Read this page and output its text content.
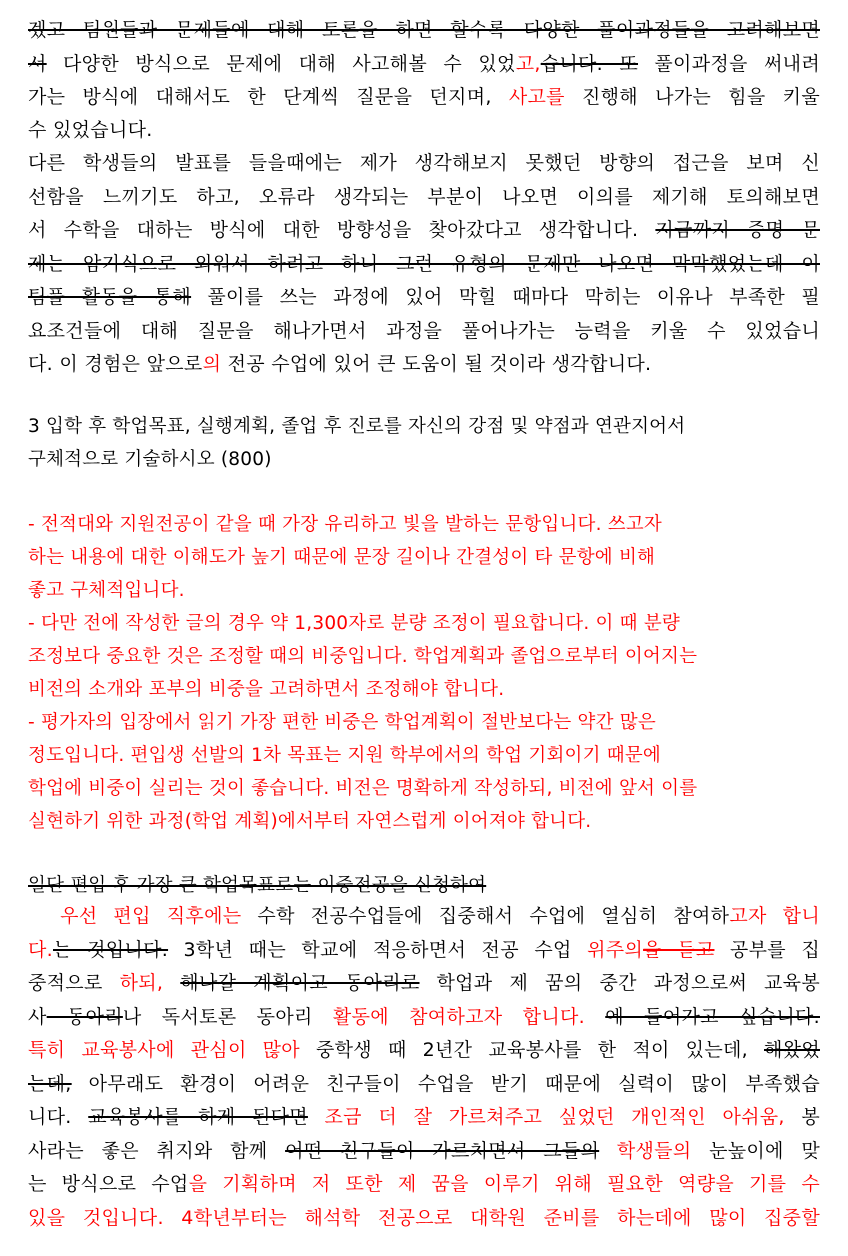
겠고 팀원들과 문제들에 대해 토론을 하면 할수록 다양한 풀이과정들을 고려해보면
서 다양한 방식으로 문제에 대해 사고해볼 수 있었고,습니다. 또 풀이과정을 써내려
가는 방식에 대해서도 한 단계씩 질문을 던지며, 사고를 진행해 나가는 힘을 키울
수 있었습니다.
다른 학생들의 발표를 들을때에는 제가 생각해보지 못했던 방향의 접근을 보며 신
선함을 느끼기도 하고, 오류라 생각되는 부분이 나오면 이의를 제기해 토의해보면
서 수학을 대하는 방식에 대한 방향성을 찾아갔다고 생각합니다. 지금까지 증명 문
제는 암기식으로 외워서 하려고 하니 그런 유형의 문제만 나오면 막막했었는데 이
팀플 활동을 통해 풀이를 쓰는 과정에 있어 막힐 때마다 막히는 이유나 부족한 필
요조건들에 대해 질문을 해나가면서 과정을 풀어나가는 능력을 키울 수 있었습니
다. 이 경험은 앞으로의 전공 수업에 있어 큰 도움이 될 것이라 생각합니다.
3 입학 후 학업목표, 실행계획, 졸업 후 진로를 자신의 강점 및 약점과 연관지어서
구체적으로 기술하시오 (800)
- 전적대와 지원전공이 같을 때 가장 유리하고 빛을 발하는 문항입니다. 쓰고자
하는 내용에 대한 이해도가 높기 때문에 문장 길이나 간결성이 타 문항에 비해
좋고 구체적입니다.
- 다만 전에 작성한 글의 경우 약 1,300자로 분량 조정이 필요합니다. 이 때 분량
조정보다 중요한 것은 조정할 때의 비중입니다. 학업계획과 졸업으로부터 이어지는
비전의 소개와 포부의 비중을 고려하면서 조정해야 합니다.
- 평가자의 입장에서 읽기 가장 편한 비중은 학업계획이 절반보다는 약간 많은
정도입니다. 편입생 선발의 1차 목표는 지원 학부에서의 학업 기회이기 때문에
학업에 비중이 실리는 것이 좋습니다. 비전은 명확하게 작성하되, 비전에 앞서 이를
실현하기 위한 과정(학업 계획)에서부터 자연스럽게 이어져야 합니다.
일단 편입 후 가장 큰 학업목표로는 이중전공을 신청하여
우선 편입 직후에는 수학 전공수업들에 집중해서 수업에 열심히 참여하고자 합니
다.는 것입니다. 3학년 때는 학교에 적응하면서 전공 수업 위주의을 듣고 공부를 집
중적으로 하되, 해나갈 계획이고 동아리로 학업과 제 꿈의 중간 과정으로써 교육봉
사 동아리나 독서토론 동아리 활동에 참여하고자 합니다. 에 들어가고 싶습니다.
특히 교육봉사에 관심이 많아 중학생 때 2년간 교육봉사를 한 적이 있는데, 해왔었
는데, 아무래도 환경이 어려운 친구들이 수업을 받기 때문에 실력이 많이 부족했습
니다. 교육봉사를 하게 된다면 조금 더 잘 가르쳐주고 싶었던 개인적인 아쉬움, 봉
사라는 좋은 취지와 함께 어떤 친구들이 가르치면서 그들의 학생들의 눈높이에 맞
는 방식으로 수업을 기획하며 저 또한 제 꿈을 이루기 위해 필요한 역량을 기를 수
있을 것입니다. 4학년부터는 해석학 전공으로 대학원 준비를 하는데에 많이 집중할
